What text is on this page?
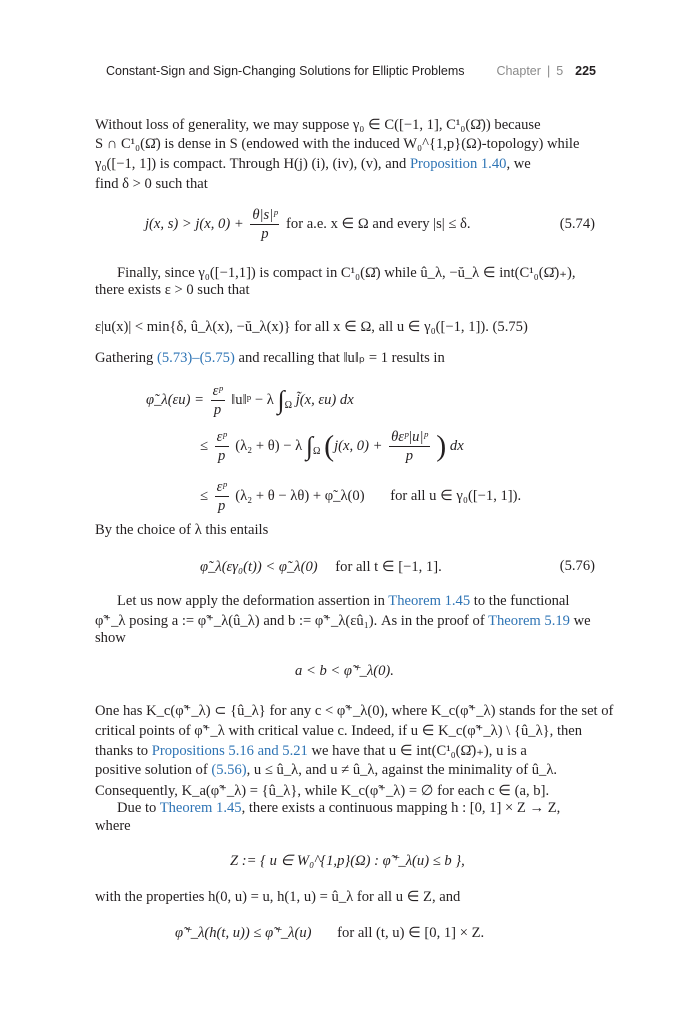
Constant-Sign and Sign-Changing Solutions for Elliptic Problems	Chapter | 5 225
Without loss of generality, we may suppose γ₀ ∈ C([−1, 1], C¹₀(Ω̄)) because
S ∩ C¹₀(Ω̄) is dense in S (endowed with the induced W₀^{1,p}(Ω)-topology) while
γ₀([−1, 1]) is compact. Through H(j) (i), (iv), (v), and Proposition 1.40, we
find δ > 0 such that
j(x, s) > j(x, $0) + \frac{\text{θ|s|ᵖ}}{p}$ for a.e. x ∈ Ω and every |s| ≤ δ.	(5.74)
Finally, since γ₀([−1,1]) is compact in C¹₀(Ω̄) while û_λ, −ŭ_λ ∈ int(C¹₀(Ω̄)₊),
there exists ε > 0 such that
ε|u(x)| < min{δ, û_λ(x), −ŭ_λ(x)} for all x ∈ Ω, all u ∈ γ₀([−1, 1]). (5.75)
Gathering (5.73)–(5.75) and recalling that ‖u‖ₚ = 1 results in
φ̃_λ(εu) = $\frac{\text{εᵖ}}{p}$ ‖u‖ᵖ − λ $\int_\Omega$ j̃(x, εu) dx
≤ $\frac{\text{εᵖ}}{p} (\lambda_2 + \theta) - \lambda$ $\int_\Omega$ (j(x, $0) + \frac{\text{θεᵖ|u|ᵖ}}{p}$ ) dx
≤ $\frac{\text{εᵖ}}{p} (\lambda_2 + \theta - \lambda\theta)$ + φ̃_λ(0) for all u ∈ γ₀([−1, 1]).
By the choice of λ this entails
φ̃_λ(εγ₀(t)) < φ̃_λ(0) for all t ∈ [−1, 1].	(5.76)
Let us now apply the deformation assertion in Theorem 1.45 to the functional
φ̃⁺_λ posing a := φ̃⁺_λ(û_λ) and b := φ̃⁺_λ(εû₁). As in the proof of Theorem 5.19 we
show
a < b < φ̃⁺_λ(0).
One has K_c(φ̃⁺_λ) ⊂ {û_λ} for any c < φ̃⁺_λ(0), where K_c(φ̃⁺_λ) stands for the set of
critical points of φ̃⁺_λ with critical value c. Indeed, if u ∈ K_c(φ̃⁺_λ) \ {û_λ}, then
thanks to Propositions 5.16 and 5.21 we have that u ∈ int(C¹₀(Ω̄)₊), u is a
positive solution of (5.56), u ≤ û_λ, and u ≠ û_λ, against the minimality of û_λ.
Consequently, K_a(φ̃⁺_λ) = {û_λ}, while K_c(φ̃⁺_λ) = ∅ for each c ∈ (a, b].
Due to Theorem 1.45, there exists a continuous mapping h : [0, 1] × Z → Z,
where
Z := { u ∈ W₀^{1,p}(Ω) : φ̃⁺_λ(u) ≤ b },
with the properties h(0, u) = u, h(1, u) = û_λ for all u ∈ Z, and
φ̃⁺_λ(h(t, u)) ≤ φ̃⁺_λ(u) for all (t, u) ∈ [0, 1] × Z.
